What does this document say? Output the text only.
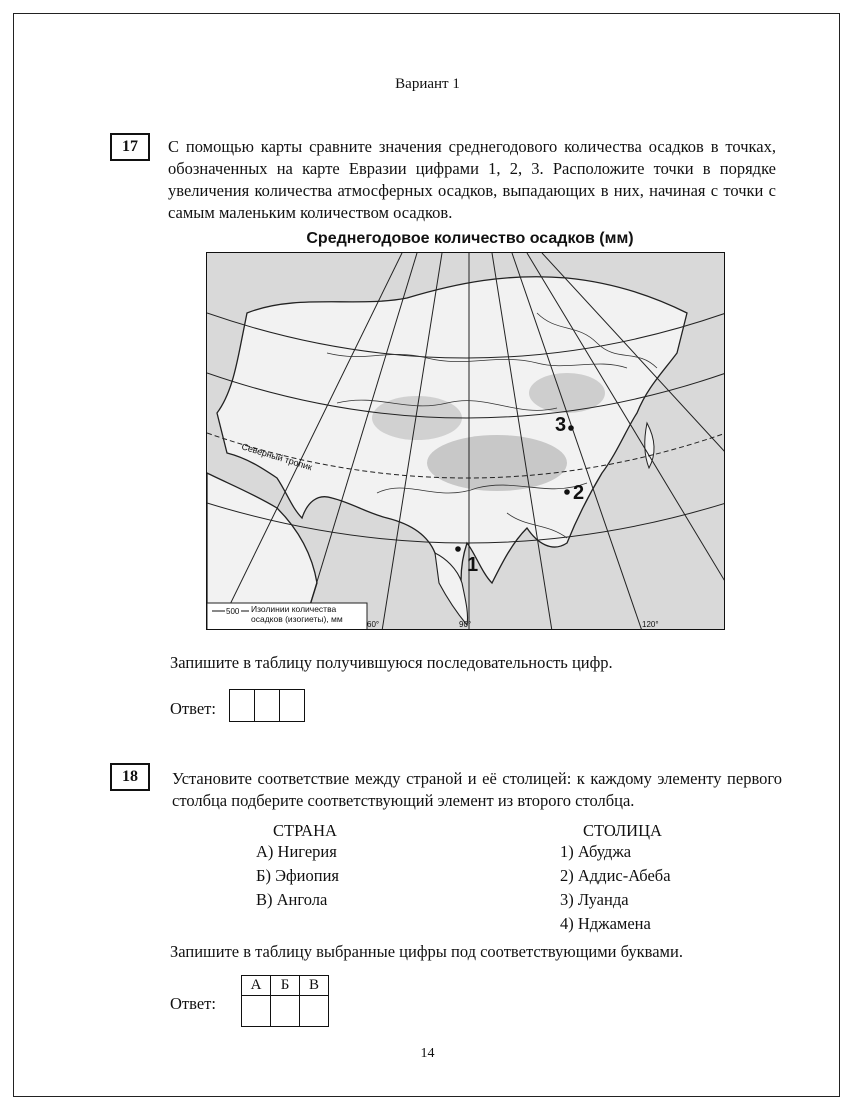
Вариант 1
17	С помощью карты сравните значения среднегодового количества осадков в точках, обозначенных на карте Евразии цифрами 1, 2, 3. Расположите точки в порядке увеличения количества атмосферных осадков, выпадающих в них, начиная с точки с самым маленьким количеством осадков.
Среднегодовое количество осадков (мм)
Северный тропик
1
2
3
60°	90°	120°
500 Изолинии количества осадков (изогиеты), мм
Запишите в таблицу получившуюся последовательность цифр.
Ответ:
18	Установите соответствие между страной и её столицей: к каждому элементу первого столбца подберите соответствующий элемент из второго столбца.
СТРАНА	СТОЛИЦА
А) Нигерия
Б) Эфиопия
В) Ангола
1) Абуджа
2) Аддис-Абеба
3) Луанда
4) Нджамена
Запишите в таблицу выбранные цифры под соответствующими буквами.
Ответ:
А	Б	В

14
